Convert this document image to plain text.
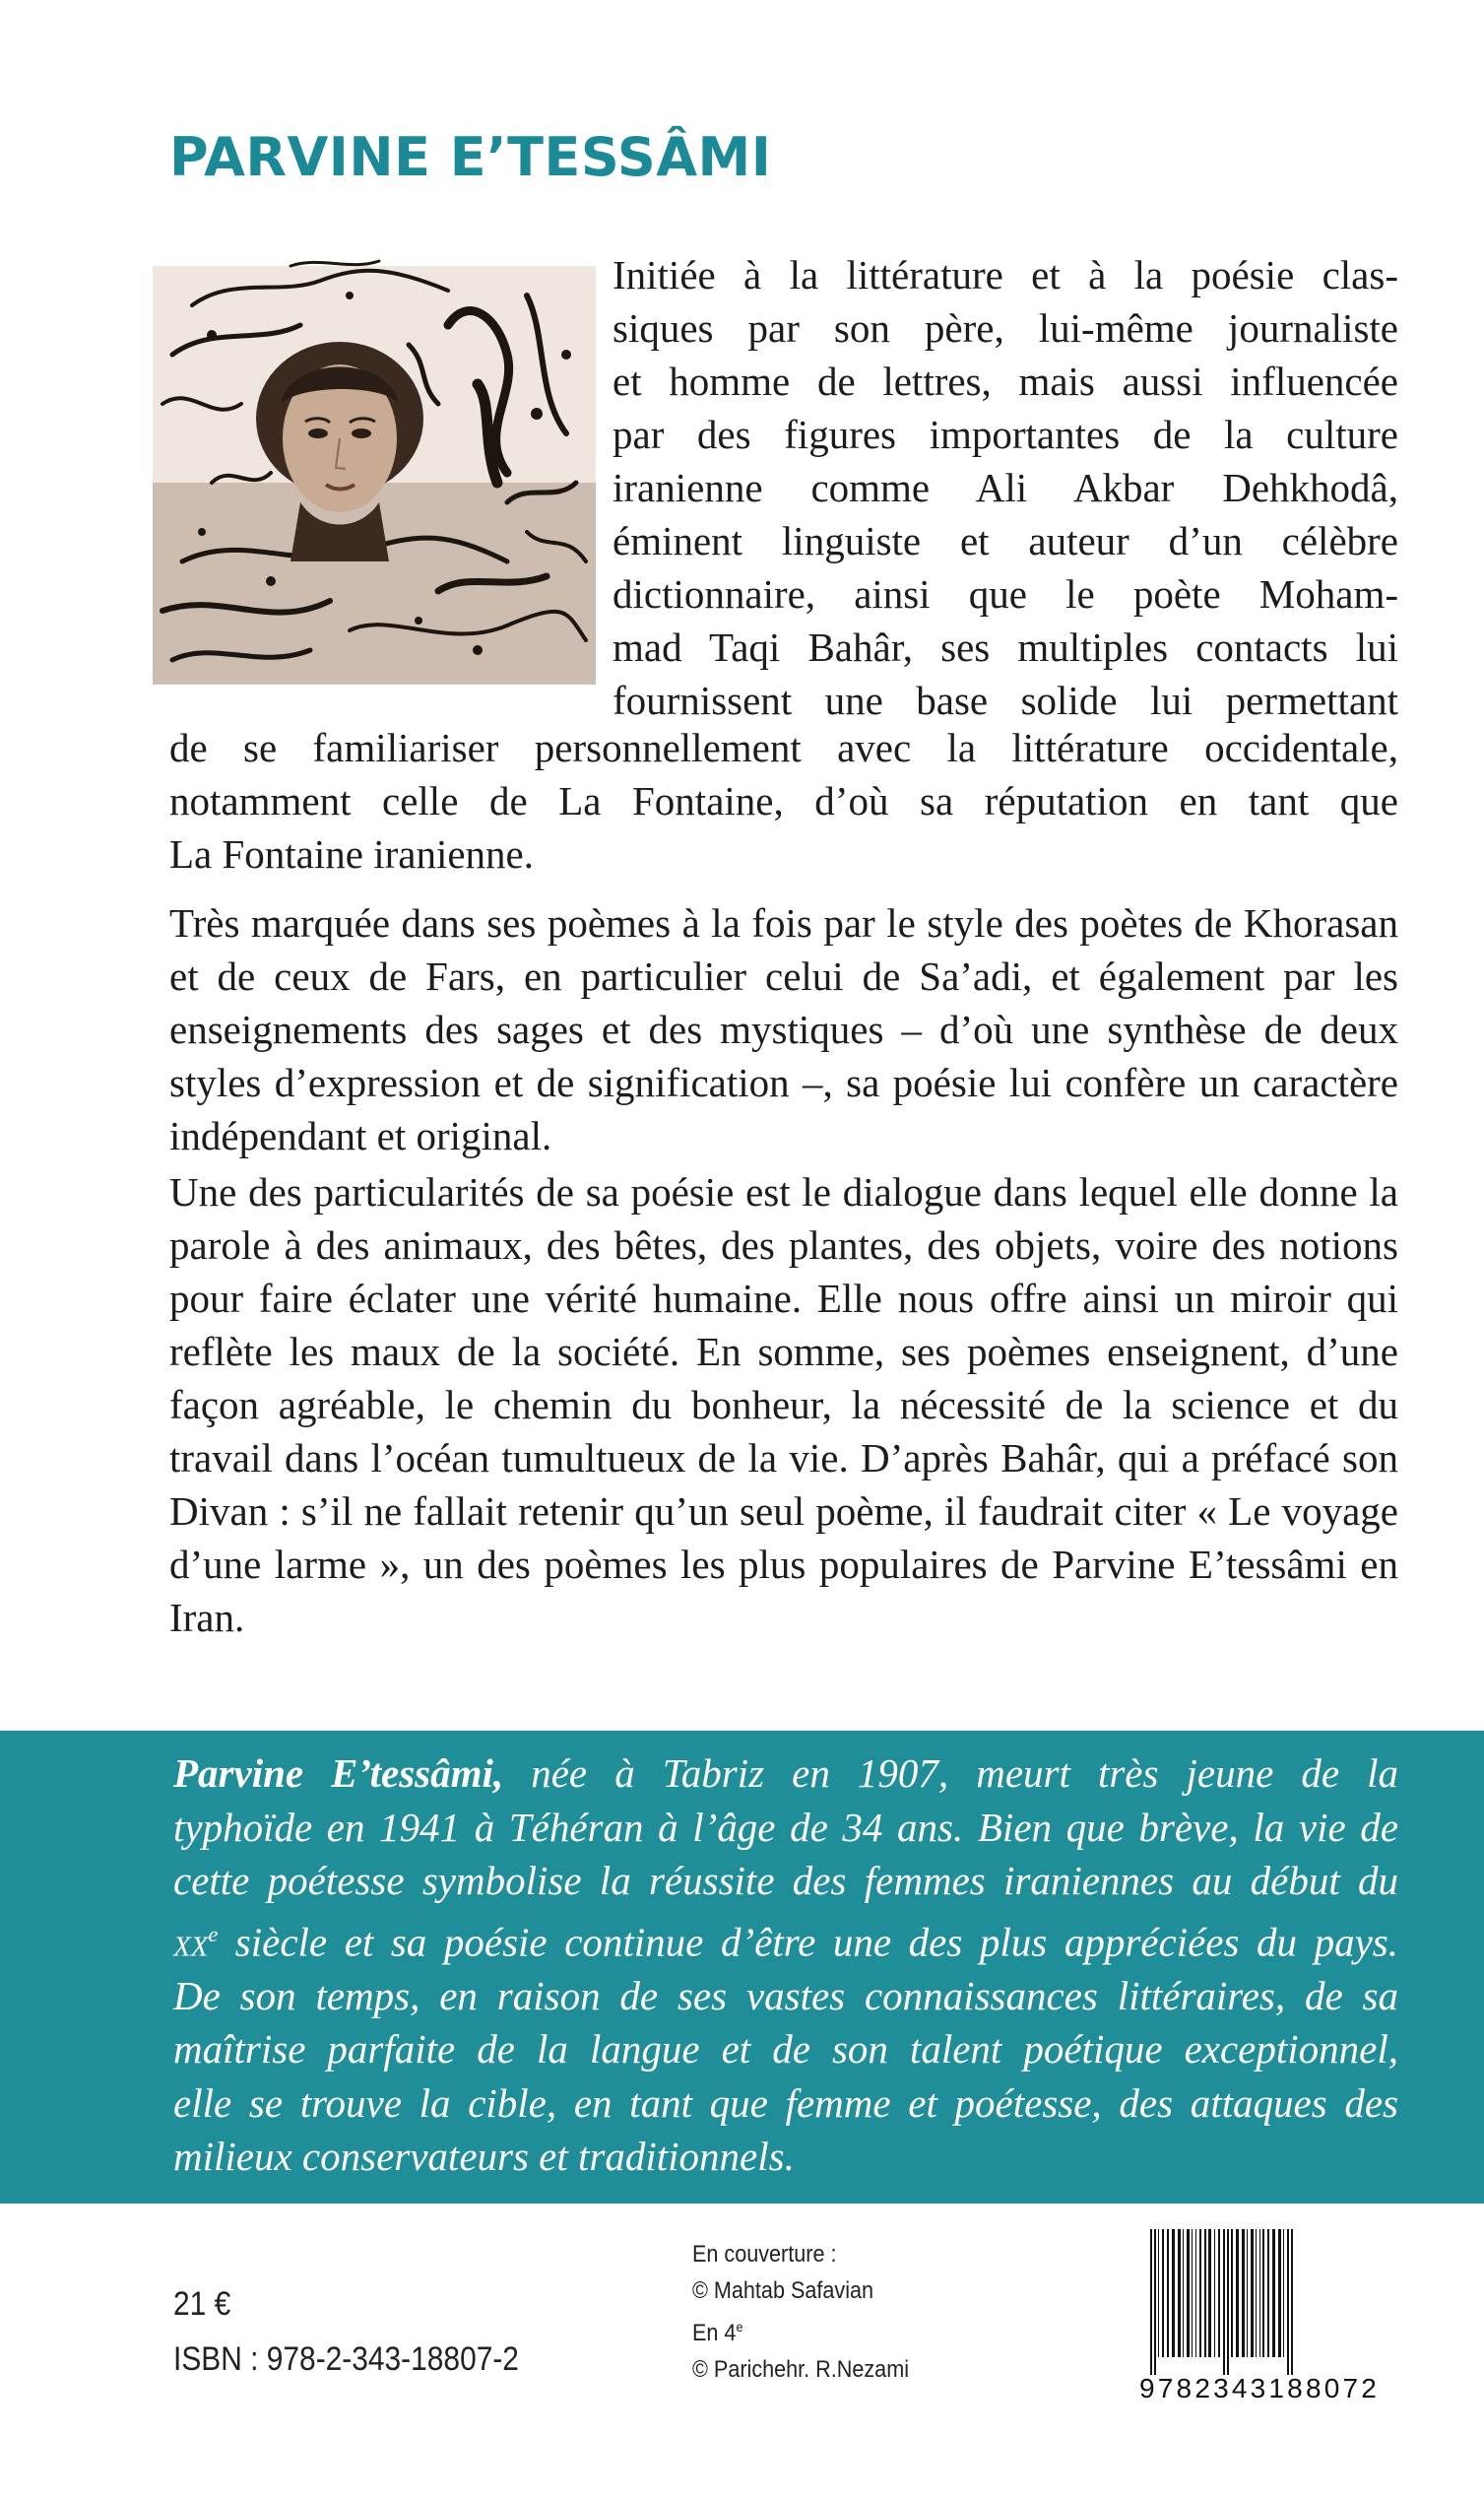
PARVINE E’TESSÂMI
Initiée à la littérature et à la poésie clas-
siques par son père, lui-même journaliste
et homme de lettres, mais aussi influencée
par des figures importantes de la culture
iranienne comme Ali Akbar Dehkhodâ,
éminent linguiste et auteur d’un célèbre
dictionnaire, ainsi que le poète Moham-
mad Taqi Bahâr, ses multiples contacts lui
fournissent une base solide lui permettant
de se familiariser personnellement avec la littérature occidentale,
notamment celle de La Fontaine, d’où sa réputation en tant que
La Fontaine iranienne.

Très marquée dans ses poèmes à la fois par le style des poètes de Khorasan et de ceux de Fars, en particulier celui de Sa’adi, et également par les enseignements des sages et des mystiques – d’où une synthèse de deux styles d’expression et de signification –, sa poésie lui confère un caractère indépendant et original.

Une des particularités de sa poésie est le dialogue dans lequel elle donne la parole à des animaux, des bêtes, des plantes, des objets, voire des notions pour faire éclater une vérité humaine. Elle nous offre ainsi un miroir qui reflète les maux de la société. En somme, ses poèmes enseignent, d’une façon agréable, le chemin du bonheur, la nécessité de la science et du travail dans l’océan tumultueux de la vie. D’après Bahâr, qui a préfacé son Divan : s’il ne fallait retenir qu’un seul poème, il faudrait citer « Le voyage d’une larme », un des poèmes les plus populaires de Parvine E’tessâmi en Iran.

Parvine E’tessâmi, née à Tabriz en 1907, meurt très jeune de la
typhoïde en 1941 à Téhéran à l’âge de 34 ans. Bien que brève, la vie de
cette poétesse symbolise la réussite des femmes iraniennes au début du
$xx^e$ siècle et sa poésie continue d’être une des plus appréciées du pays.
De son temps, en raison de ses vastes connaissances littéraires, de sa
maîtrise parfaite de la langue et de son talent poétique exceptionnel,
elle se trouve la cible, en tant que femme et poétesse, des attaques des
milieux conservateurs et traditionnels.
21 €
ISBN : 978-2-343-18807-2
En couverture :
© Mahtab Safavian
En 4e
© Parichehr. R.Nezami
9782343188072
